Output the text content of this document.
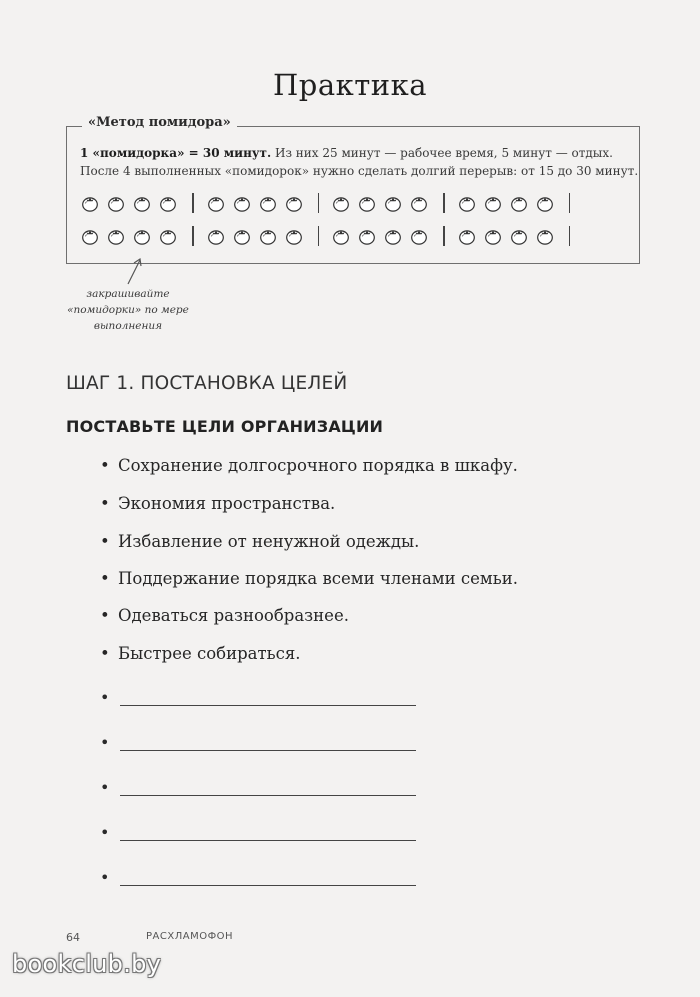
Практика
«Метод помидора»
1 «помидорка» = 30 минут. Из них 25 минут — рабочее время, 5 минут — отдых.
После 4 выполненных «помидорок» нужно сделать долгий перерыв: от 15 до 30 минут.
закрашивайте «помидорки» по мере выполнения
ШАГ 1. ПОСТАНОВКА ЦЕЛЕЙ
ПОСТАВЬТЕ ЦЕЛИ ОРГАНИЗАЦИИ
• Сохранение долгосрочного порядка в шкафу.
• Экономия пространства.
• Избавление от ненужной одежды.
• Поддержание порядка всеми членами семьи.
• Одеваться разнообразнее.
• Быстрее собираться.
•
•
•
•
•
64	РАСХЛАМОФОН
bookclub.by
